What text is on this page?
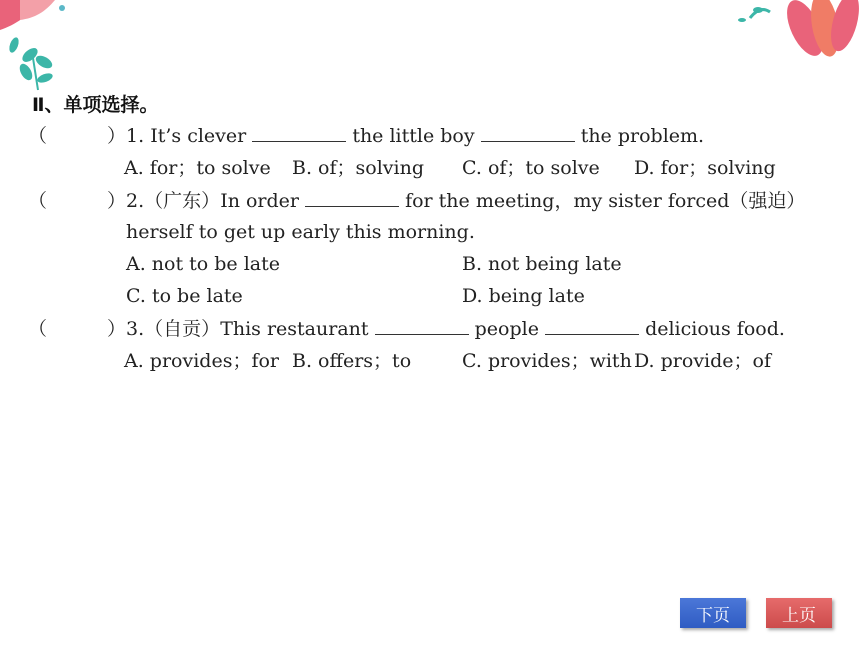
Ⅱ、单项选择。
（	）1. It’s clever	the little boy	the problem.
A. for；to solve B. of；solving C. of；to solve D. for；solving
（	）2.（广东）In order	for the meeting，my sister forced（强迫）
herself to get up early this morning.
A. not to be late	B. not being late
C. to be late	D. being late
（	）3.（自贡）This restaurant	people	delicious food.
A. provides；for B. offers；to	C. provides；with D. provide；of
下页	上页
